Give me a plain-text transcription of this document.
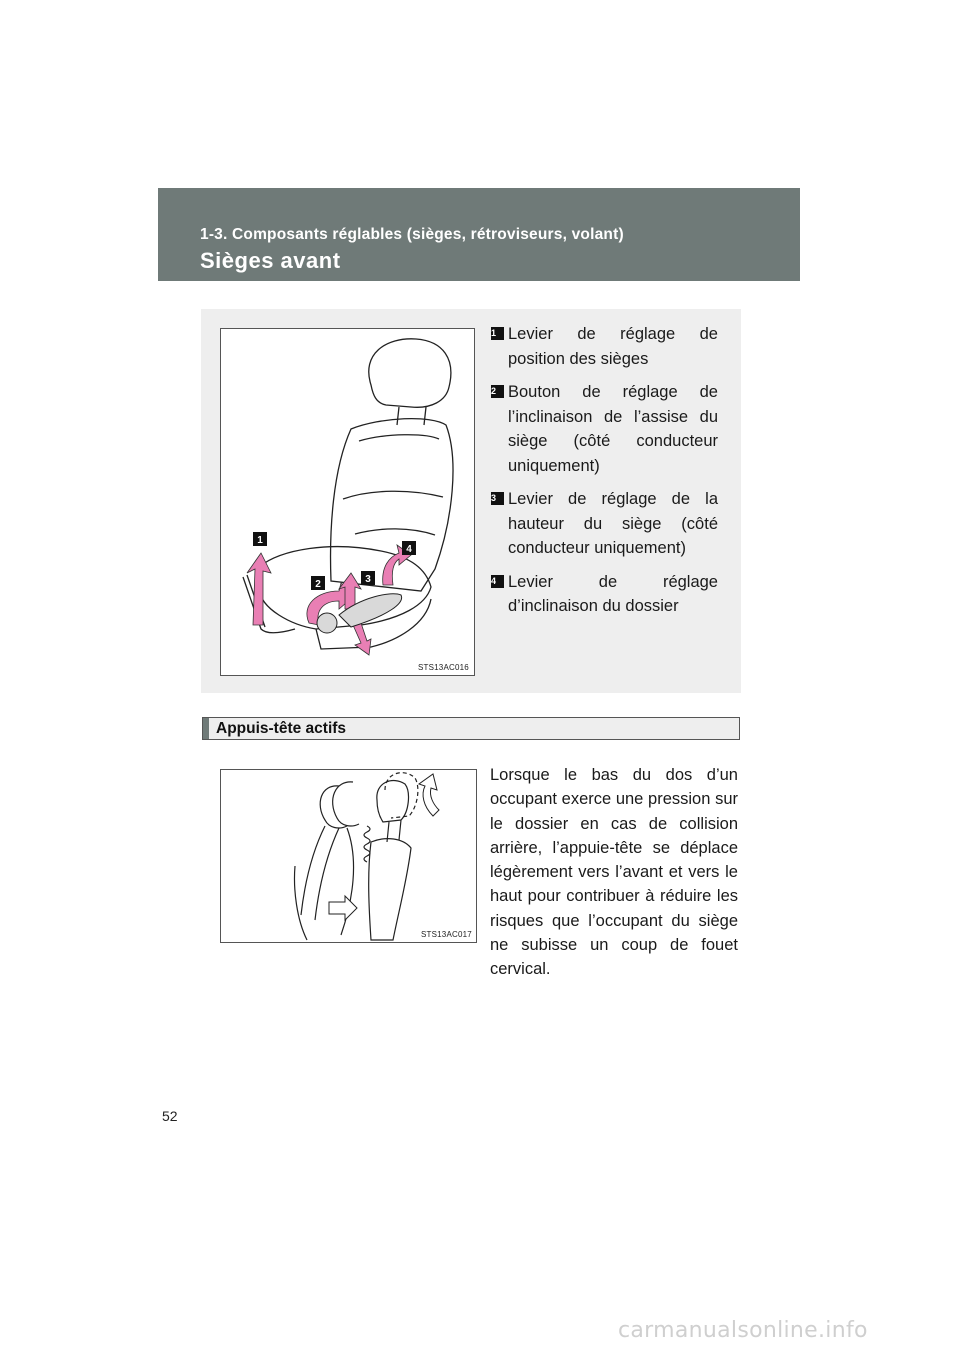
1-3. Composants réglables (sièges, rétroviseurs, volant)
Sièges avant
1
2	3
4
STS13AC016
1 Levier de réglage de position des sièges
2 Bouton de réglage de l’inclinaison de l’assise du siège (côté conducteur uniquement)
3 Levier de réglage de la hauteur du siège (côté conducteur uniquement)
4 Levier de réglage d’inclinaison du dossier
Appuis-tête actifs
STS13AC017
Lorsque le bas du dos d’un occupant exerce une pression sur le dossier en cas de collision arrière, l’appuie-tête se déplace légèrement vers l’avant et vers le haut pour contribuer à réduire les risques que l’occupant du siège ne subisse un coup de fouet cervical.
52
carmanualsonline.info
